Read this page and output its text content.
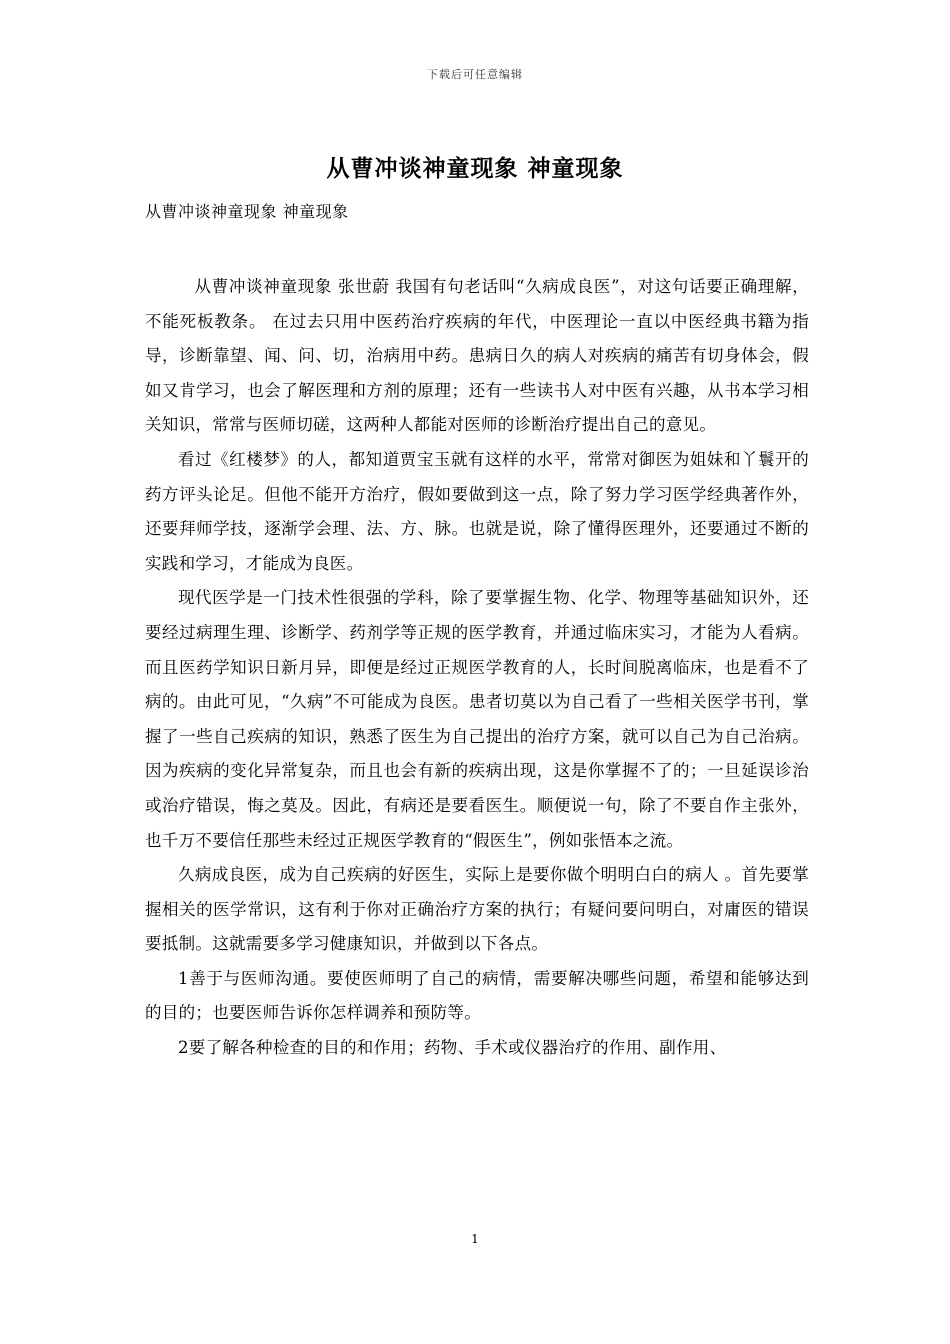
下载后可任意编辑
从曹冲谈神童现象 神童现象

从曹冲谈神童现象 神童现象

从曹冲谈神童现象 张世蔚 我国有句老话叫“久病成良医”，对这句话要正确理解，不能死板教条。 在过去只用中医药治疗疾病的年代，中医理论一直以中医经典书籍为指导，诊断靠望、闻、问、切，治病用中药。患病日久的病人对疾病的痛苦有切身体会，假如又肯学习，也会了解医理和方剂的原理；还有一些读书人对中医有兴趣，从书本学习相关知识，常常与医师切磋，这两种人都能对医师的诊断治疗提出自己的意见。

看过《红楼梦》的人，都知道贾宝玉就有这样的水平，常常对御医为姐妹和丫鬟开的药方评头论足。但他不能开方治疗，假如要做到这一点，除了努力学习医学经典著作外，还要拜师学技，逐渐学会理、法、方、脉。也就是说，除了懂得医理外，还要通过不断的实践和学习，才能成为良医。

现代医学是一门技术性很强的学科，除了要掌握生物、化学、物理等基础知识外，还要经过病理生理、诊断学、药剂学等正规的医学教育，并通过临床实习，才能为人看病。而且医药学知识日新月异，即便是经过正规医学教育的人，长时间脱离临床，也是看不了病的。由此可见，“久病”不可能成为良医。患者切莫以为自己看了一些相关医学书刊，掌握了一些自己疾病的知识，熟悉了医生为自己提出的治疗方案，就可以自己为自己治病。因为疾病的变化异常复杂，而且也会有新的疾病出现，这是你掌握不了的；一旦延误诊治或治疗错误，悔之莫及。因此，有病还是要看医生。顺便说一句，除了不要自作主张外，也千万不要信任那些未经过正规医学教育的“假医生”，例如张悟本之流。

久病成良医，成为自己疾病的好医生，实际上是要你做个明明白白的病人 。首先要掌握相关的医学常识，这有利于你对正确治疗方案的执行；有疑问要问明白，对庸医的错误要抵制。这就需要多学习健康知识，并做到以下各点。

1善于与医师沟通。要使医师明了自己的病情，需要解决哪些问题，希望和能够达到的目的；也要医师告诉你怎样调养和预防等。

2要了解各种检查的目的和作用；药物、手术或仪器治疗的作用、副作用、

1
